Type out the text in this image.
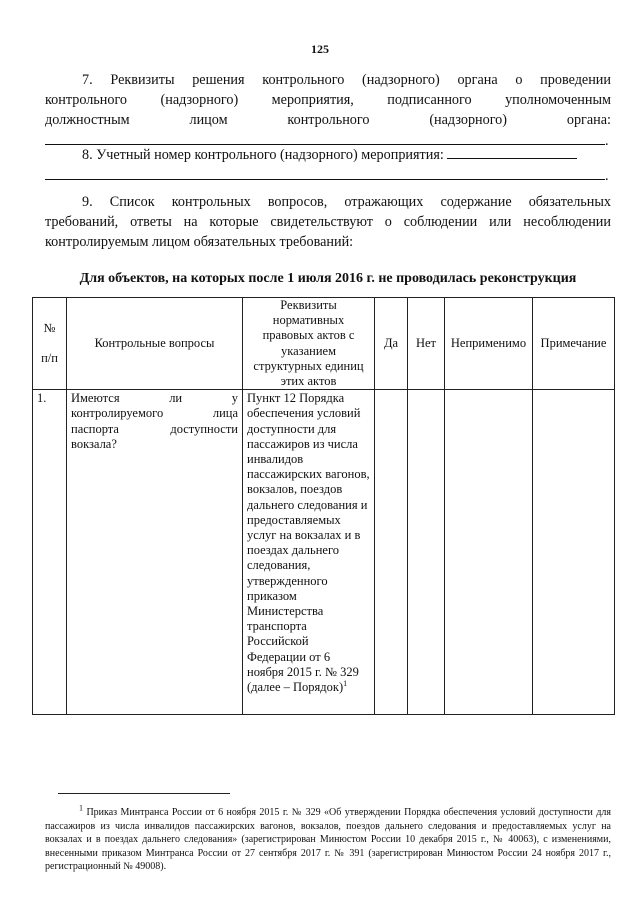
125
7. Реквизиты решения контрольного (надзорного) органа о проведении
контрольного (надзорного) мероприятия, подписанного уполномоченным
должностным лицом контрольного (надзорного) органа:
.
8. Учетный номер контрольного (надзорного) мероприятия:
.
9. Список контрольных вопросов, отражающих содержание обязательных
требований, ответы на которые свидетельствуют о соблюдении или несоблюдении
контролируемым лицом обязательных требований:
Для объектов, на которых после 1 июля 2016 г. не проводилась реконструкция
№

п/п	Контрольные вопросы	Реквизиты нормативных правовых актов с указанием структурных единиц этих актов	Да	Нет	Неприменимо	Примечание
1.	Имеются ли у контролируемого лица паспорта доступности вокзала?	Пункт 12 Порядка обеспечения условий доступности для пассажиров из числа инвалидов пассажирских вагонов, вокзалов, поездов дальнего следования и предоставляемых услуг на вокзалах и в поездах дальнего следования, утвержденного приказом Министерства транспорта Российской Федерации от 6 ноября 2015 г. № 329 (далее – Порядок)$^1$				
$^1$ Приказ Минтранса России от 6 ноября 2015 г. № 329 «Об утверждении Порядка обеспечения условий доступности для пассажиров из числа инвалидов пассажирских вагонов, вокзалов, поездов дальнего следования и предоставляемых услуг на вокзалах и в поездах дальнего следования» (зарегистрирован Минюстом России 10 декабря 2015 г., № 40063), с изменениями, внесенными приказом Минтранса России от 27 сентября 2017 г. № 391 (зарегистрирован Минюстом России 24 ноября 2017 г., регистрационный № 49008).
